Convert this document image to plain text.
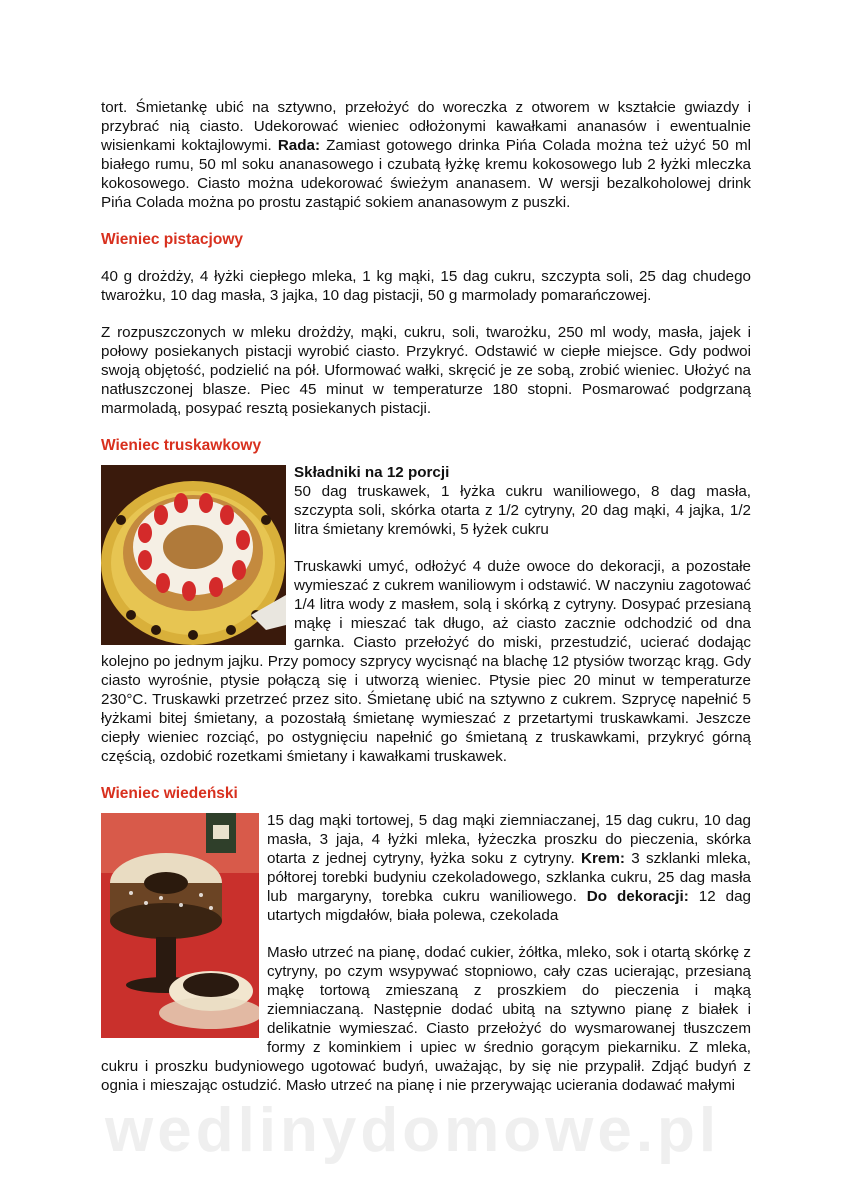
tort. Śmietankę ubić na sztywno, przełożyć do woreczka z otworem w kształcie gwiazdy i przybrać nią ciasto. Udekorować wieniec odłożonymi kawałkami ananasów i ewentualnie wisienkami koktajlowymi. Rada: Zamiast gotowego drinka Pińa Colada można też użyć 50 ml białego rumu, 50 ml soku ananasowego i czubatą łyżkę kremu kokosowego lub 2 łyżki mleczka kokosowego. Ciasto można udekorować świeżym ananasem. W wersji bezalkoholowej drink Pińa Colada można po prostu zastąpić sokiem ananasowym z puszki.

Wieniec pistacjowy

40 g drożdży, 4 łyżki ciepłego mleka, 1 kg mąki, 15 dag cukru, szczypta soli, 25 dag chudego twarożku, 10 dag masła, 3 jajka, 10 dag pistacji, 50 g marmolady pomarańczowej.

Z rozpuszczonych w mleku drożdży, mąki, cukru, soli, twarożku, 250 ml wody, masła, jajek i połowy posiekanych pistacji wyrobić ciasto. Przykryć. Odstawić w ciepłe miejsce. Gdy podwoi swoją objętość, podzielić na pół. Uformować wałki, skręcić je ze sobą, zrobić wieniec. Ułożyć na natłuszczonej blasze. Piec 45 minut w temperaturze 180 stopni. Posmarować podgrzaną marmoladą, posypać resztą posiekanych pistacji.

Wieniec truskawkowy

Składniki na 12 porcji

50 dag truskawek, 1 łyżka cukru waniliowego, 8 dag masła, szczypta soli, skórka otarta z 1/2 cytryny, 20 dag mąki, 4 jajka, 1/2 litra śmietany kremówki, 5 łyżek cukru

Truskawki umyć, odłożyć 4 duże owoce do dekoracji, a pozostałe wymieszać z cukrem waniliowym i odstawić. W naczyniu zagotować 1/4 litra wody z masłem, solą i skórką z cytryny. Dosypać przesianą mąkę i mieszać tak długo, aż ciasto zacznie odchodzić od dna garnka. Ciasto przełożyć do miski, przestudzić, ucierać dodając kolejno po jednym jajku. Przy pomocy szprycy wycisnąć na blachę 12 ptysiów tworząc krąg. Gdy ciasto wyrośnie, ptysie połączą się i utworzą wieniec. Ptysie piec 20 minut w temperaturze 230°C. Truskawki przetrzeć przez sito. Śmietanę ubić na sztywno z cukrem. Szprycę napełnić 5 łyżkami bitej śmietany, a pozostałą śmietanę wymieszać z przetartymi truskawkami. Jeszcze ciepły wieniec rozciąć, po ostygnięciu napełnić go śmietaną z truskawkami, przykryć górną częścią, ozdobić rozetkami śmietany i kawałkami truskawek.

Wieniec wiedeński

15 dag mąki tortowej, 5 dag mąki ziemniaczanej, 15 dag cukru, 10 dag masła, 3 jaja, 4 łyżki mleka, łyżeczka proszku do pieczenia, skórka otarta z jednej cytryny, łyżka soku z cytryny. Krem: 3 szklanki mleka, półtorej torebki budyniu czekoladowego, szklanka cukru, 25 dag masła lub margaryny, torebka cukru waniliowego. Do dekoracji: 12 dag utartych migdałów, biała polewa, czekolada

Masło utrzeć na pianę, dodać cukier, żółtka, mleko, sok i otartą skórkę z cytryny, po czym wsypywać stopniowo, cały czas ucierając, przesianą mąkę tortową zmieszaną z proszkiem do pieczenia i mąką ziemniaczaną. Następnie dodać ubitą na sztywno pianę z białek i delikatnie wymieszać. Ciasto przełożyć do wysmarowanej tłuszczem formy z kominkiem i upiec w średnio gorącym piekarniku. Z mleka, cukru i proszku budyniowego ugotować budyń, uważając, by się nie przypalił. Zdjąć budyń z ognia i mieszając ostudzić. Masło utrzeć na pianę i nie przerywając ucierania dodawać małymi

wedlinydomowe.pl
